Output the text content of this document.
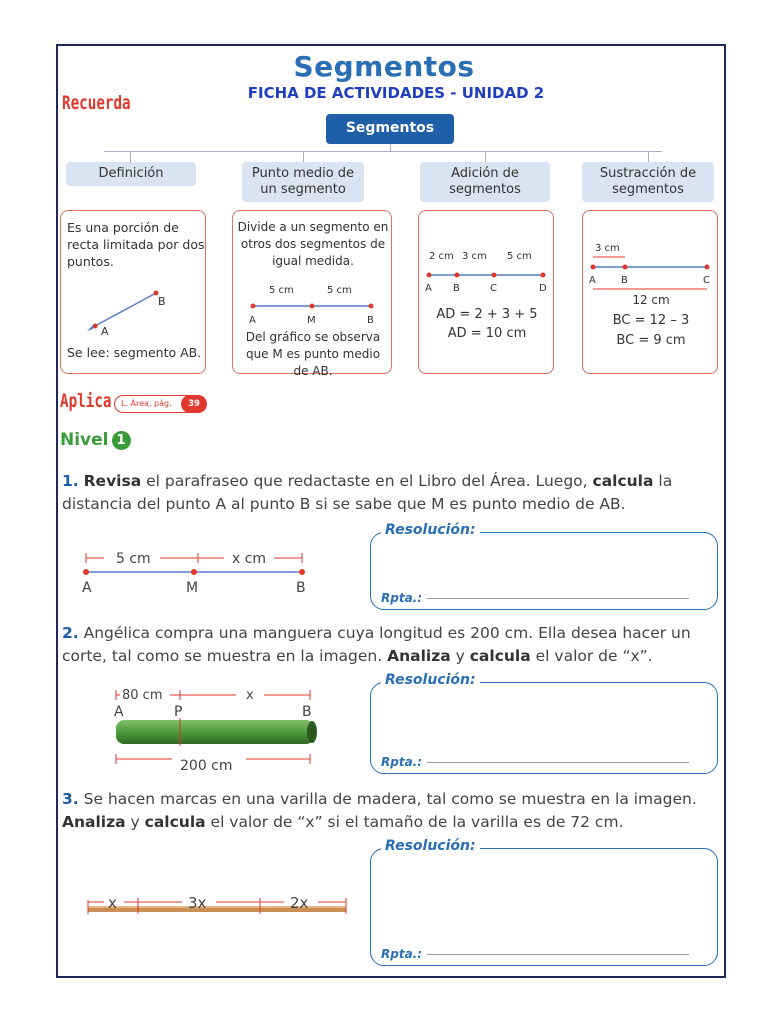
Segmentos
FICHA DE ACTIVIDADES - UNIDAD 2
Recuerda
Segmentos
Definición	Punto medio de un segmento
Adición de segmentos
Sustracción de segmentos
Es una porción de recta limitada por dos puntos.
A
B
Se lee: segmento AB.
Divide a un segmento en otros dos segmentos de igual medida.
5 cm	5 cm
A	M	B
Del gráfico se observa que M es punto medio de AB.
2 cm 3 cm 5 cm
A B	C	D
AD = 2 + 3 + 5
AD = 10 cm
3 cm
A	B	C
12 cm
BC = 12 – 3
BC = 9 cm
Aplica	L. Área, pág.	39
Nivel 1
1. Revisa el parafraseo que redactaste en el Libro del Área. Luego, calcula la distancia del punto A al punto B si se sabe que M es punto medio de AB.
5 cm	x cm
A	M	B
Resolución:
Rpta.:
2. Angélica compra una manguera cuya longitud es 200 cm. Ella desea hacer un corte, tal como se muestra en la imagen. Analiza y calcula el valor de “x”.
80 cm	x
A	P	B
200 cm
Resolución:
Rpta.:
3. Se hacen marcas en una varilla de madera, tal como se muestra en la imagen. Analiza y calcula el valor de “x” si el tamaño de la varilla es de 72 cm.
x	3x	2x
Resolución:
Rpta.:
